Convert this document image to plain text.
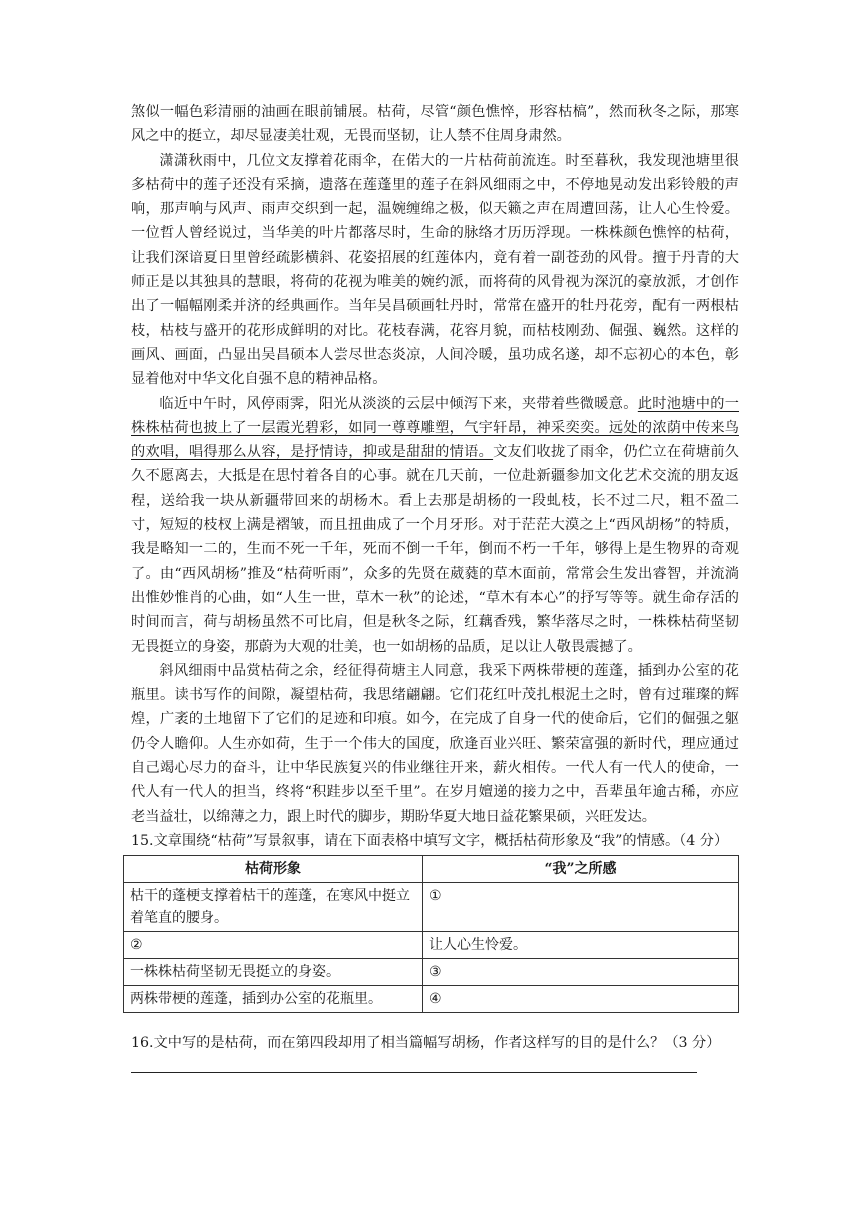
煞似一幅色彩清丽的油画在眼前铺展。枯荷，尽管“颜色憔悴，形容枯槁”，然而秋冬之际，那寒风之中的挺立，却尽显凄美壮观，无畏而坚韧，让人禁不住周身肃然。

潇潇秋雨中，几位文友撑着花雨伞，在偌大的一片枯荷前流连。时至暮秋，我发现池塘里很多枯荷中的莲子还没有采摘，遗落在莲蓬里的莲子在斜风细雨之中，不停地晃动发出彩铃般的声响，那声响与风声、雨声交织到一起，温婉缠绵之极，似天籁之声在周遭回荡，让人心生怜爱。一位哲人曾经说过，当华美的叶片都落尽时，生命的脉络才历历浮现。一株株颜色憔悴的枯荷，让我们深谙夏日里曾经疏影横斜、花姿招展的红莲体内，竟有着一副苍劲的风骨。擅于丹青的大师正是以其独具的慧眼，将荷的花视为唯美的婉约派，而将荷的风骨视为深沉的豪放派，才创作出了一幅幅刚柔并济的经典画作。当年吴昌硕画牡丹时，常常在盛开的牡丹花旁，配有一两根枯枝，枯枝与盛开的花形成鲜明的对比。花枝春满，花容月貌，而枯枝刚劲、倔强、巍然。这样的画风、画面，凸显出吴昌硕本人尝尽世态炎凉，人间冷暖，虽功成名遂，却不忘初心的本色，彰显着他对中华文化自强不息的精神品格。

临近中午时，风停雨霁，阳光从淡淡的云层中倾泻下来，夹带着些微暖意。此时池塘中的一株株枯荷也披上了一层霞光碧彩，如同一尊尊雕塑，气宇轩昂，神采奕奕。远处的浓荫中传来鸟的欢唱，唱得那么从容，是抒情诗，抑或是甜甜的情语。文友们收拢了雨伞，仍伫立在荷塘前久久不愿离去，大抵是在思忖着各自的心事。就在几天前，一位赴新疆参加文化艺术交流的朋友返程，送给我一块从新疆带回来的胡杨木。看上去那是胡杨的一段虬枝，长不过二尺，粗不盈二寸，短短的枝杈上满是褶皱，而且扭曲成了一个月牙形。对于茫茫大漠之上“西风胡杨”的特质，我是略知一二的，生而不死一千年，死而不倒一千年，倒而不朽一千年，够得上是生物界的奇观了。由“西风胡杨”推及“枯荷听雨”，众多的先贤在葳蕤的草木面前，常常会生发出睿智，并流淌出惟妙惟肖的心曲，如“人生一世，草木一秋”的论述，“草木有本心”的抒写等等。就生命存活的时间而言，荷与胡杨虽然不可比肩，但是秋冬之际，红藕香残，繁华落尽之时，一株株枯荷坚韧无畏挺立的身姿，那蔚为大观的壮美，也一如胡杨的品质，足以让人敬畏震撼了。

斜风细雨中品赏枯荷之余，经征得荷塘主人同意，我采下两株带梗的莲蓬，插到办公室的花瓶里。读书写作的间隙，凝望枯荷，我思绪翩翩。它们花红叶茂扎根泥土之时，曾有过璀璨的辉煌，广袤的土地留下了它们的足迹和印痕。如今，在完成了自身一代的使命后，它们的倔强之躯仍令人瞻仰。人生亦如荷，生于一个伟大的国度，欣逢百业兴旺、繁荣富强的新时代，理应通过自己竭心尽力的奋斗，让中华民族复兴的伟业继往开来，薪火相传。一代人有一代人的使命，一代人有一代人的担当，终将“积跬步以至千里”。在岁月嬗递的接力之中，吾辈虽年逾古稀，亦应老当益壮，以绵薄之力，跟上时代的脚步，期盼华夏大地日益花繁果硕，兴旺发达。

15.文章围绕“枯荷”写景叙事，请在下面表格中填写文字，概括枯荷形象及“我”的情感。（4 分）

枯荷形象	“我”之所感
枯干的蓬梗支撑着枯干的莲蓬，在寒风中挺立着笔直的腰身。	①
②	让人心生怜爱。
一株株枯荷坚韧无畏挺立的身姿。	③
两株带梗的莲蓬，插到办公室的花瓶里。	④

16.文中写的是枯荷，而在第四段却用了相当篇幅写胡杨，作者这样写的目的是什么？（3 分）
